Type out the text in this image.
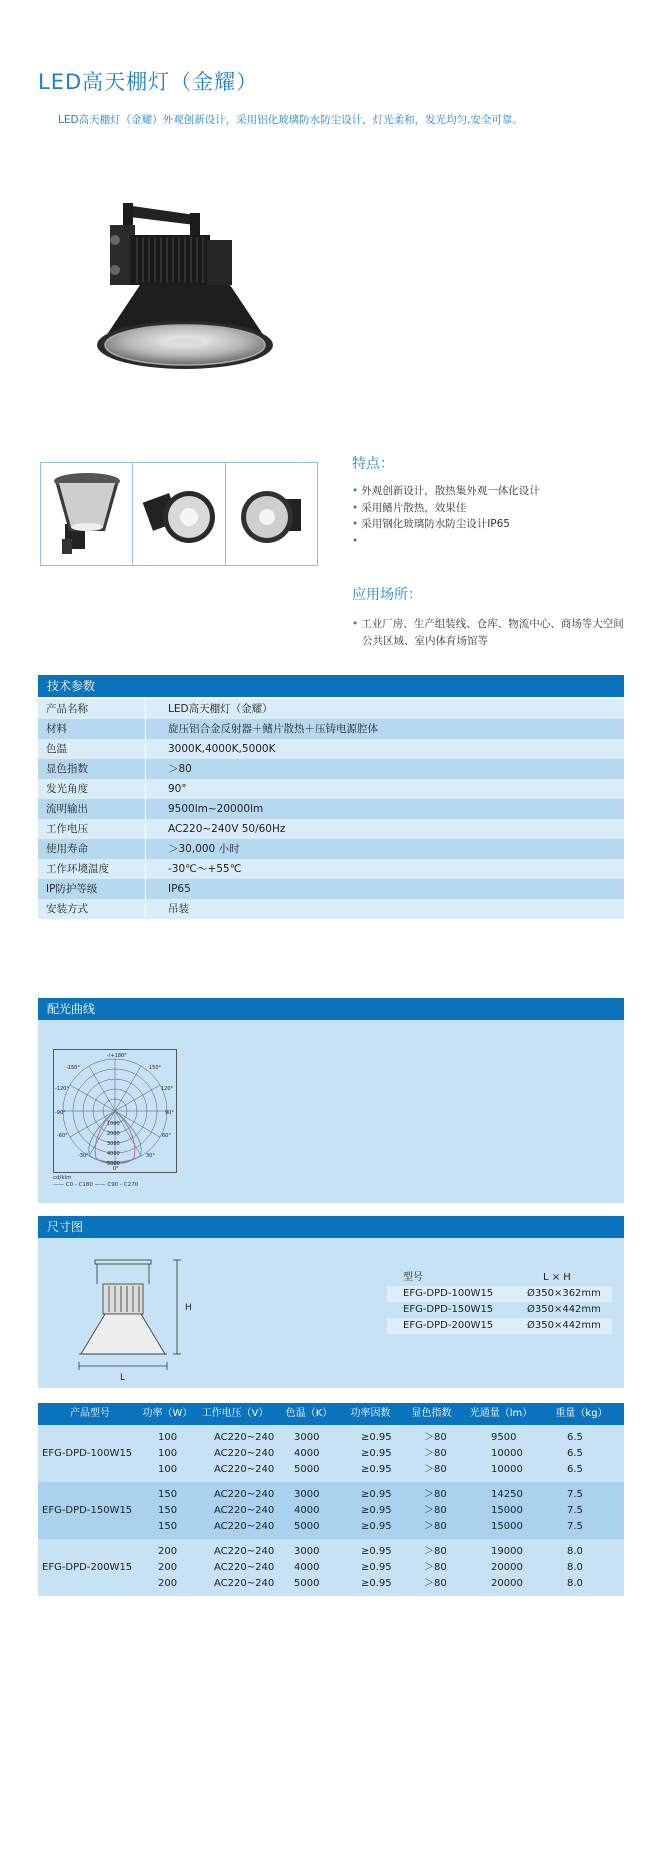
LED高天棚灯（金耀）
LED高天棚灯（金耀）外观创新设计，采用铝化玻璃防水防尘设计，灯光柔和，发光均匀,安全可靠。
特点：
• 外观创新设计，散热集外观一体化设计
• 采用鳍片散热，效果佳
• 采用钢化玻璃防水防尘设计IP65
•
应用场所：
• 工业厂房、生产组装线、仓库、物流中心、商场等大空间公共区域、室内体育场馆等
技术参数
产品名称	LED高天棚灯（金耀）
材料	旋压铝合金反射器＋鳍片散热＋压铸电源腔体
色温	3000K,4000K,5000K
显色指数	＞80
发光角度	90°
流明输出	9500lm~20000lm
工作电压	AC220~240V 50/60Hz
使用寿命	＞30,000 小时
工作环境温度	-30℃～+55℃
IP防护等级	IP65
安装方式	吊装
配光曲线
-/+180°
-150°	150°
-120°	120°
-90°	90°
-60°	60°
-30°	30°
0°
1000
2000
3000
4000
5000
cd/klm
—— C0 - C180 —— C90 - C270
尺寸图
H
L
型号	L × H
EFG-DPD-100W15	Ø350×362mm
EFG-DPD-150W15	Ø350×442mm
EFG-DPD-200W15	Ø350×442mm
产品型号	功率（W） 工作电压（V）	色温（K）	功率因数	显色指数	光通量（lm）	重量（kg）
EFG-DPD-100W15
100	AC220~240	3000	≥0.95	＞80	9500	6.5
100	AC220~240	4000	≥0.95	＞80	10000	6.5
100	AC220~240	5000	≥0.95	＞80	10000	6.5
EFG-DPD-150W15
150	AC220~240	3000	≥0.95	＞80	14250	7.5
150	AC220~240	4000	≥0.95	＞80	15000	7.5
150	AC220~240	5000	≥0.95	＞80	15000	7.5
EFG-DPD-200W15
200	AC220~240	3000	≥0.95	＞80	19000	8.0
200	AC220~240	4000	≥0.95	＞80	20000	8.0
200	AC220~240	5000	≥0.95	＞80	20000	8.0
